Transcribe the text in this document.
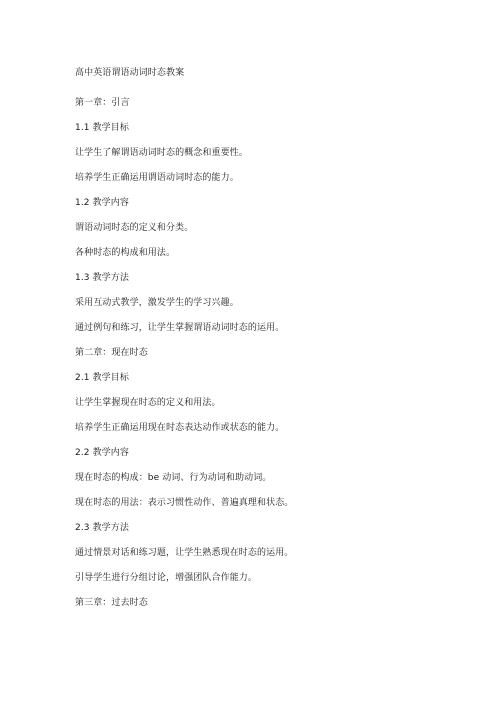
高中英语谓语动词时态教案
第一章：引言
1.1 教学目标
让学生了解谓语动词时态的概念和重要性。
培养学生正确运用谓语动词时态的能力。
1.2 教学内容
谓语动词时态的定义和分类。
各种时态的构成和用法。
1.3 教学方法
采用互动式教学，激发学生的学习兴趣。
通过例句和练习，让学生掌握谓语动词时态的运用。
第二章：现在时态
2.1 教学目标
让学生掌握现在时态的定义和用法。
培养学生正确运用现在时态表达动作或状态的能力。
2.2 教学内容
现在时态的构成：be 动词、行为动词和助动词。
现在时态的用法：表示习惯性动作、普遍真理和状态。
2.3 教学方法
通过情景对话和练习题，让学生熟悉现在时态的运用。
引导学生进行分组讨论，增强团队合作能力。
第三章：过去时态
